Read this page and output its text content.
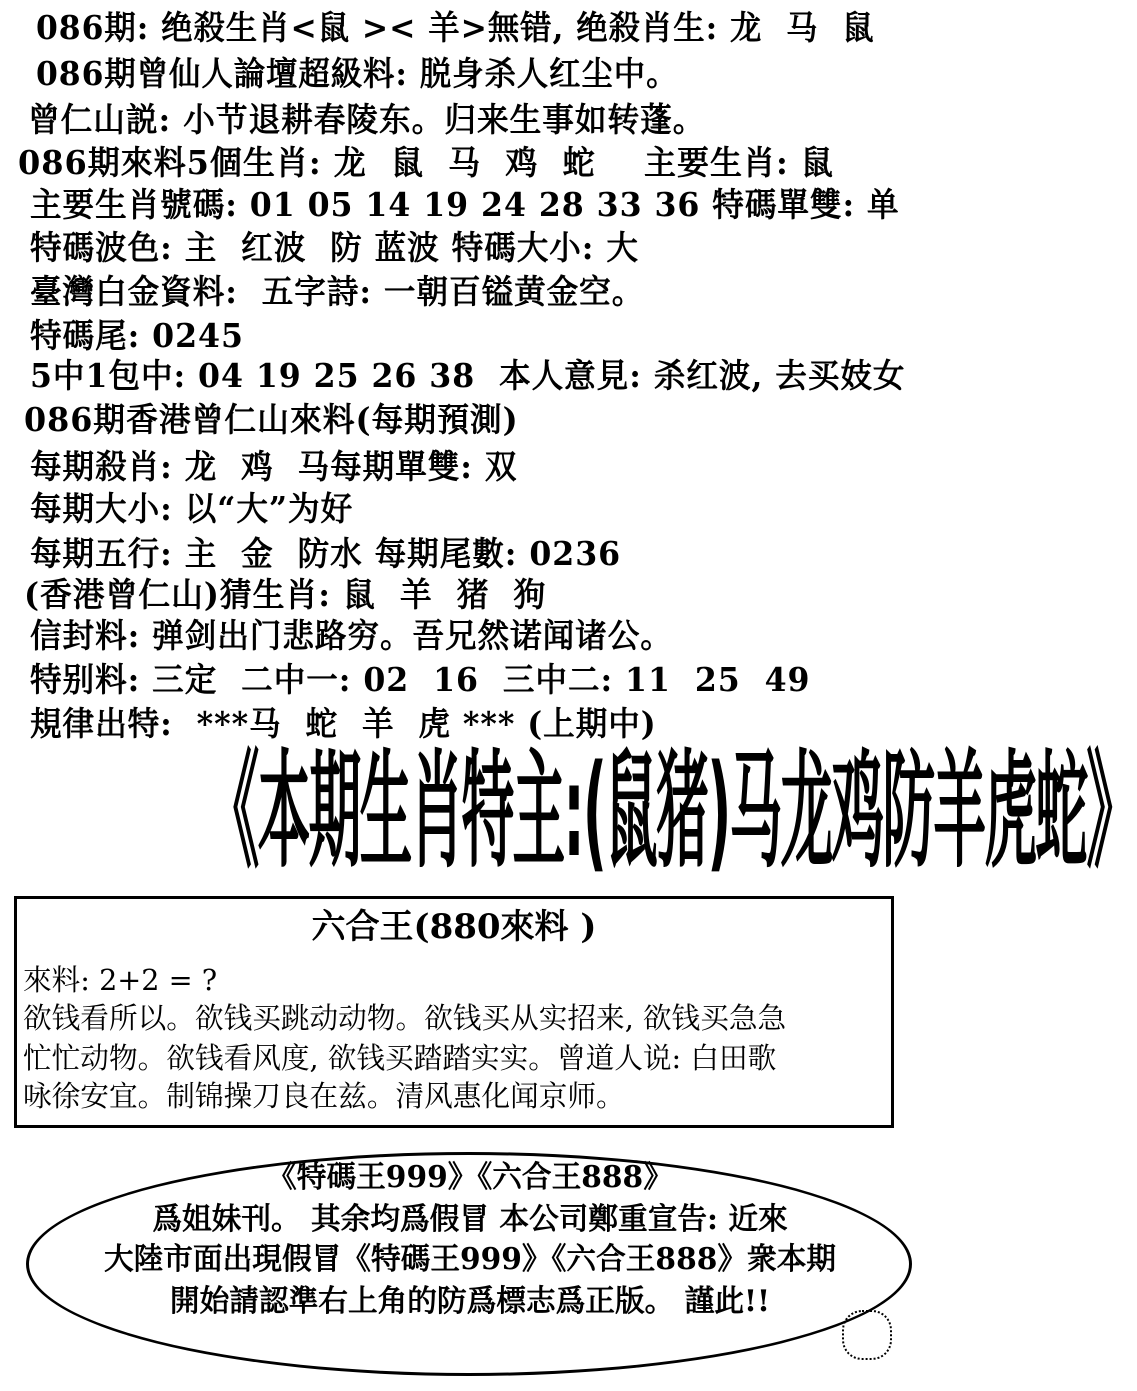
086期: 绝殺生肖<鼠 >< 羊>無错, 绝殺肖生: 龙  马  鼠
086期曾仙人論壇超級料: 脱身杀人红尘中。
曾仁山説: 小节退耕春陵东。归来生事如转蓬。
086期來料5個生肖: 龙  鼠  马  鸡  蛇    主要生肖: 鼠
主要生肖號碼: 01 05 14 19 24 28 33 36 特碼單雙: 单
特碼波色: 主  红波  防 蓝波 特碼大小: 大
臺灣白金資料:  五字詩: 一朝百镒黄金空。
特碼尾: 0245
5中1包中: 04 19 25 26 38  本人意見: 杀红波, 去买妓女
086期香港曾仁山來料(每期預測)
每期殺肖: 龙  鸡  马每期單雙: 双
每期大小: 以“大”为好
每期五行: 主  金  防水 每期尾數: 0236
(香港曾仁山)猜生肖: 鼠  羊  猪  狗
信封料: 弹剑出门悲路穷。吾兄然诺闻诸公。
特别料: 三定  二中一: 02  16  三中二: 11  25  49
規律出特:  ***马  蛇  羊  虎 *** (上期中)
《本期生肖特主:(鼠猪)马龙鸡防羊虎蛇》
六合王(880來料 )
來料: 2+2 = ?
欲钱看所以。欲钱买跳动动物。欲钱买从实招来, 欲钱买急急
忙忙动物。欲钱看风度, 欲钱买踏踏实实。曾道人说: 白田歌
咏徐安宜。制锦操刀良在兹。清风惠化闻京师。
《特碼王999》《六合王888》
爲姐妹刊。 其余均爲假冒 本公司鄭重宣告: 近來
大陸市面出現假冒《特碼王999》《六合王888》衆本期
開始請認準右上角的防爲標志爲正版。 謹此!!
